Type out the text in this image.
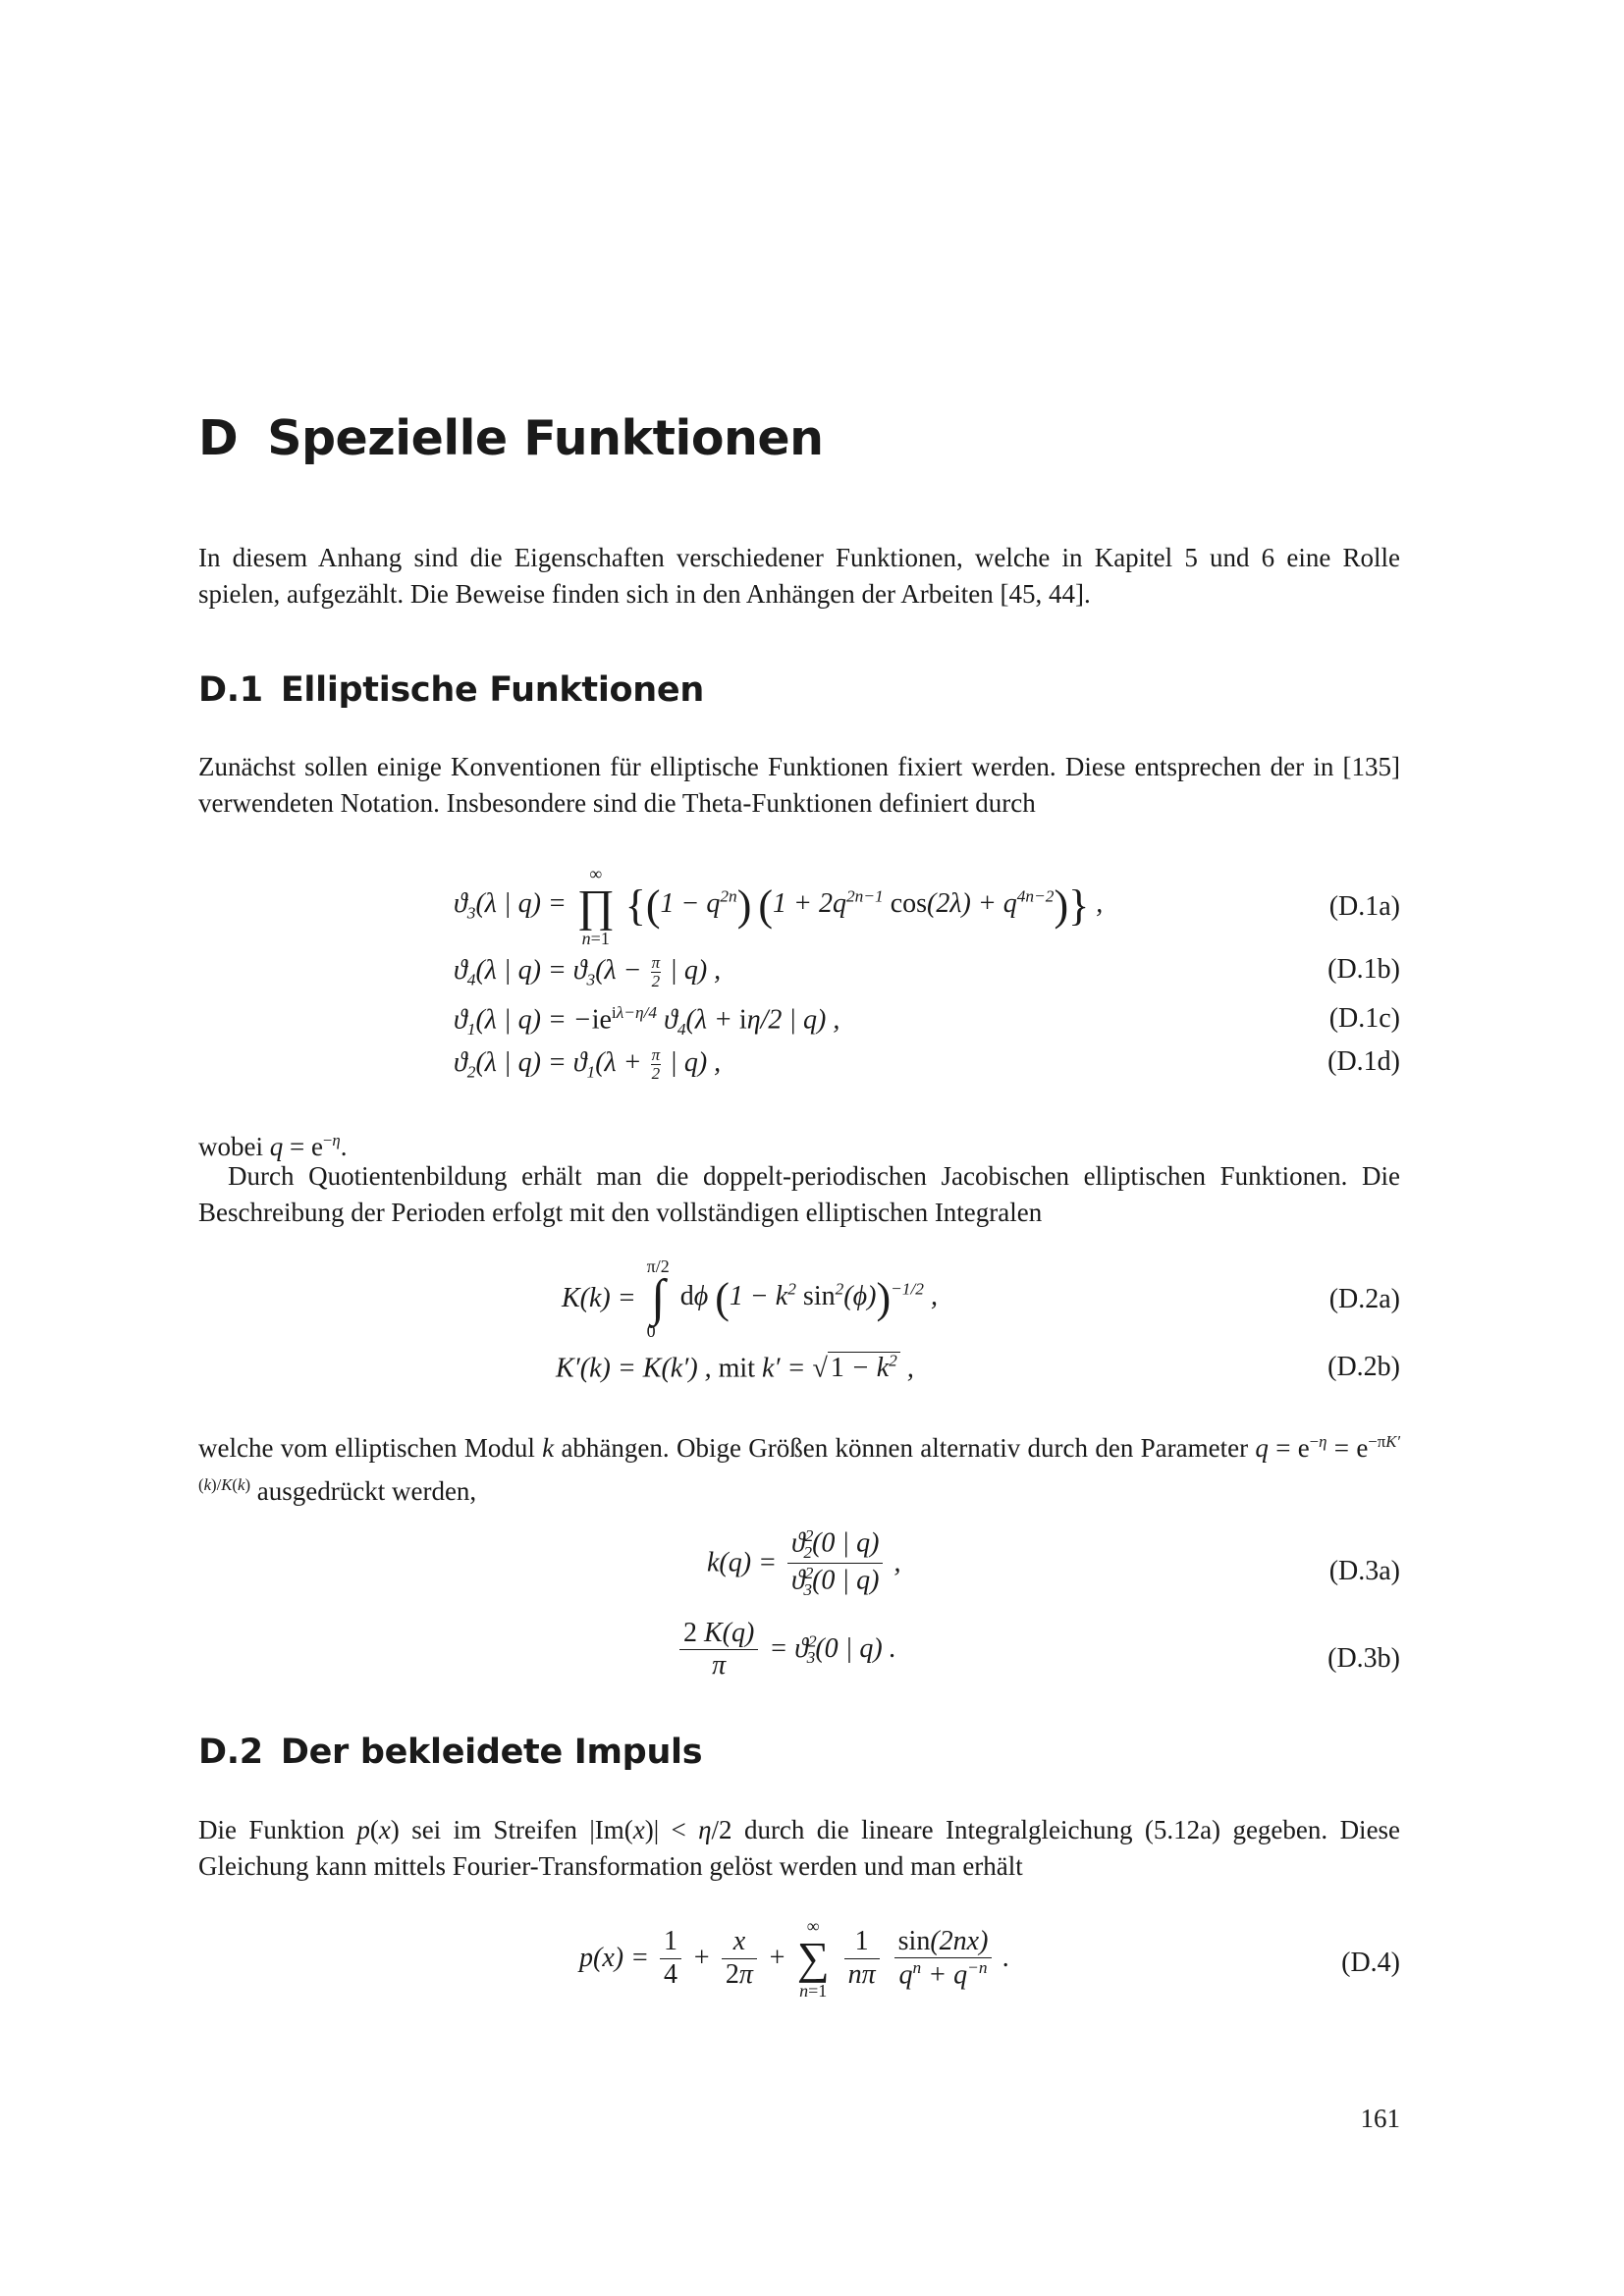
D Spezielle Funktionen

In diesem Anhang sind die Eigenschaften verschiedener Funktionen, welche in Kapitel 5 und 6 eine Rolle spielen, aufgezählt. Die Beweise finden sich in den Anhängen der Arbeiten [45, 44].

D.1 Elliptische Funktionen

Zunächst sollen einige Konventionen für elliptische Funktionen fixiert werden. Diese entsprechen der in [135] verwendeten Notation. Insbesondere sind die Theta-Funktionen definiert durch

$ϑ_3(\lambda$ | q) =
∞
∏
n=1
{$(1 - q^{2n})$ ($1 + 2q^{2n-1}$ $\cos(2\lambda) + q^{4n-2}$)} ,	(D.1a)
$ϑ_4(\lambda$ | $q) = ϑ_3(\lambda - \frac{\pi}{2}$ | q) ,	(D.1b)
$ϑ_1(\lambda$ | $q) = -ie^{i\lambda-\eta/4}$ $ϑ_4(\lambda + i\eta/2$ | q) ,	(D.1c)
$ϑ_2(\lambda$ | $q) = ϑ_1(\lambda + \frac{\pi}{2}$ | q) ,	(D.1d)

wobei $q = e^{-\eta}$.

Durch Quotientenbildung erhält man die doppelt-periodischen Jacobischen elliptischen Funktionen. Die Beschreibung der Perioden erfolgt mit den vollständigen elliptischen Integralen

K(k) =
π/2
∫
0
dϕ ($1 - k^2$ $\sin^2(\phi))^{-1/2}$ ,	(D.2a)
K′(k) = K(k′) , mit k′ = √ $1 - k^2$ ,	(D.2b)

welche vom elliptischen Modul k abhängen. Obige Größen können alternativ durch den Parameter $q = e^{-\eta} = e^{-\pi K'(k)/K(k)}$ ausgedrückt werden,

$k(q) = \frac{ϑ^2_2(0 | q)}{ϑ^2_3(0 | q)}$ ,	(D.3a)
$\frac{2 K(q)}{\pi} = ϑ^2_3(0$ | q) .	(D.3b)
D.2 Der bekleidete Impuls

Die Funktion p(x) sei im Streifen |Im(x)| < η/2 durch die lineare Integralgleichung (5.12a) gegeben. Diese Gleichung kann mittels Fourier-Transformation gelöst werden und man erhält

$p(x) = \frac{1}{4} + \frac{x}{2\pi}$ +
∞
∑
n=1

$\frac{1}{n\pi}$
$\frac{\sin(2nx)}{q^n + q^{-n}}$ .	(D.4)
161
